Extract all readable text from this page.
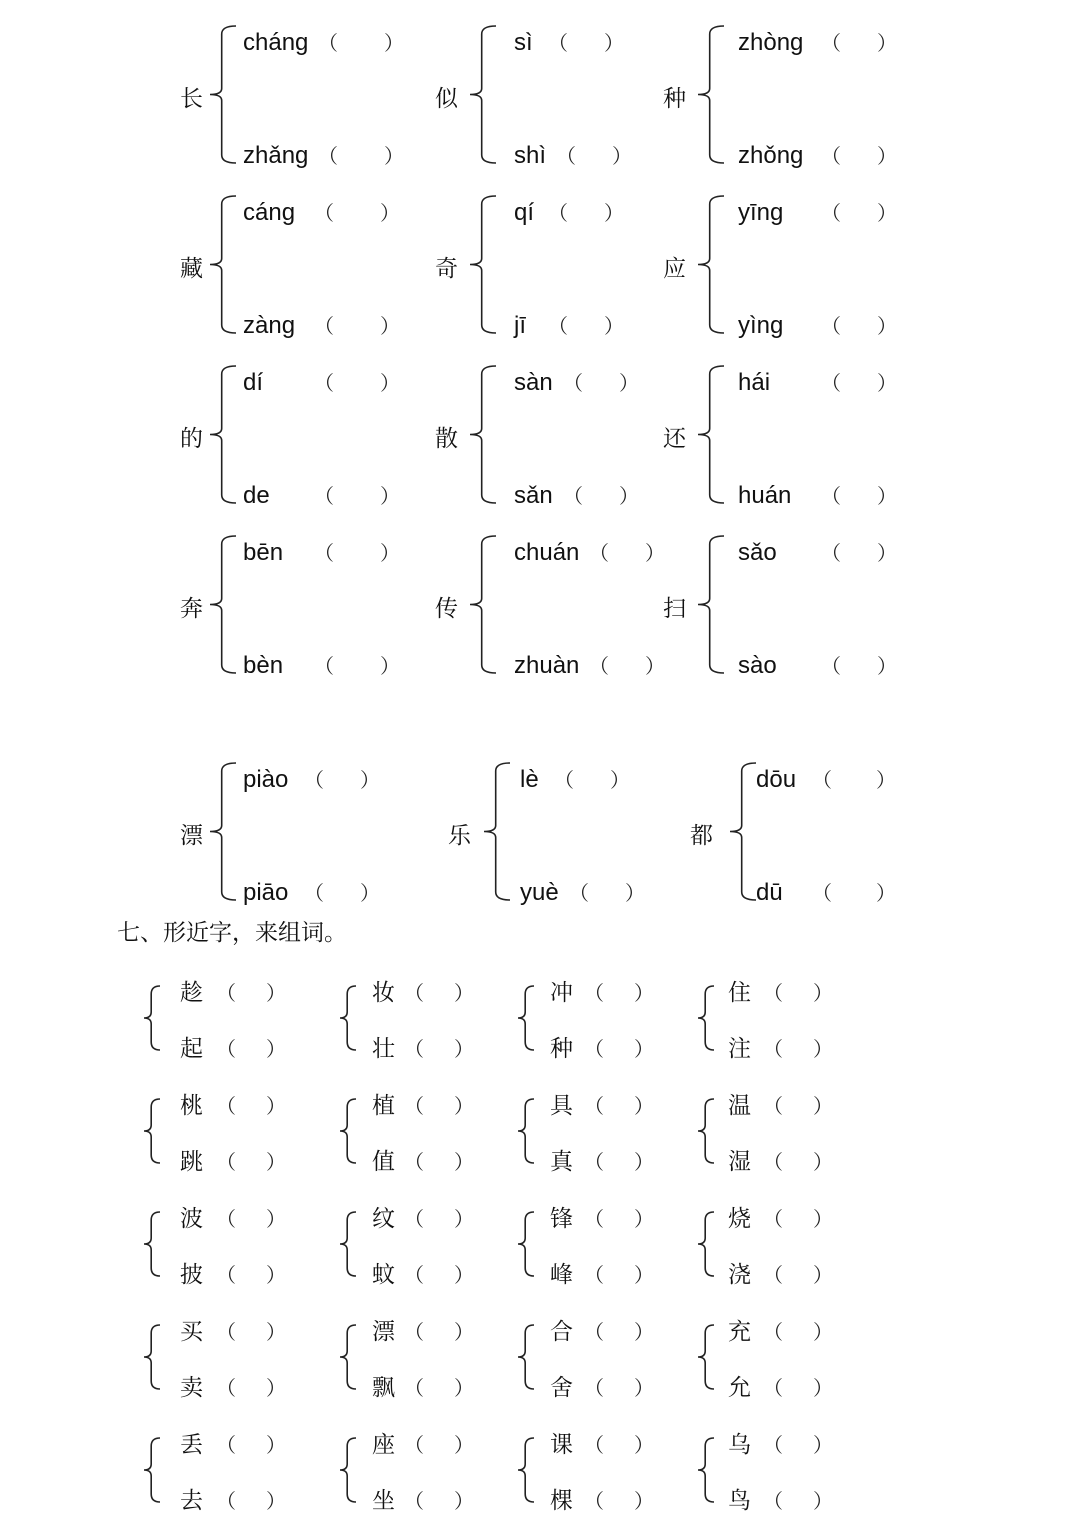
七、形近字，来组词。
长
cháng
zhǎng
（ ）
（ ）
似
sì
shì
（ ）
（ ）
种
zhòng
zhǒng
（ ）
（ ）
藏
cáng
zàng
（ ）
（ ）
奇
qí
jī
（ ）
（ ）
应
yīng
yìng
（ ）
（ ）
的
dí
de
（ ）
（ ）
散
sàn
sǎn
（ ）
（ ）
还
hái
huán
（ ）
（ ）
奔
bēn
bèn
（ ）
（ ）
传
chuán
zhuàn
（ ）
（ ）
扫
sǎo
sào
（ ）
（ ）
漂
piào
piāo
（ ）
（ ）
乐
lè
yuè
（ ）
（ ）
都
dōu
dū
（ ）
（ ）
趁
起
（ ）
（ ）
妆
壮
（ ）
（ ）
冲
种
（ ）
（ ）
住
注
（ ）
（ ）
桃
跳
（ ）
（ ）
植
值
（ ）
（ ）
具
真
（ ）
（ ）
温
湿
（ ）
（ ）
波
披
（ ）
（ ）
纹
蚊
（ ）
（ ）
锋
峰
（ ）
（ ）
烧
浇
（ ）
（ ）
买
卖
（ ）
（ ）
漂
飘
（ ）
（ ）
合
舍
（ ）
（ ）
充
允
（ ）
（ ）
丢
去
（ ）
（ ）
座
坐
（ ）
（ ）
课
棵
（ ）
（ ）
乌
鸟
（ ）
（ ）
